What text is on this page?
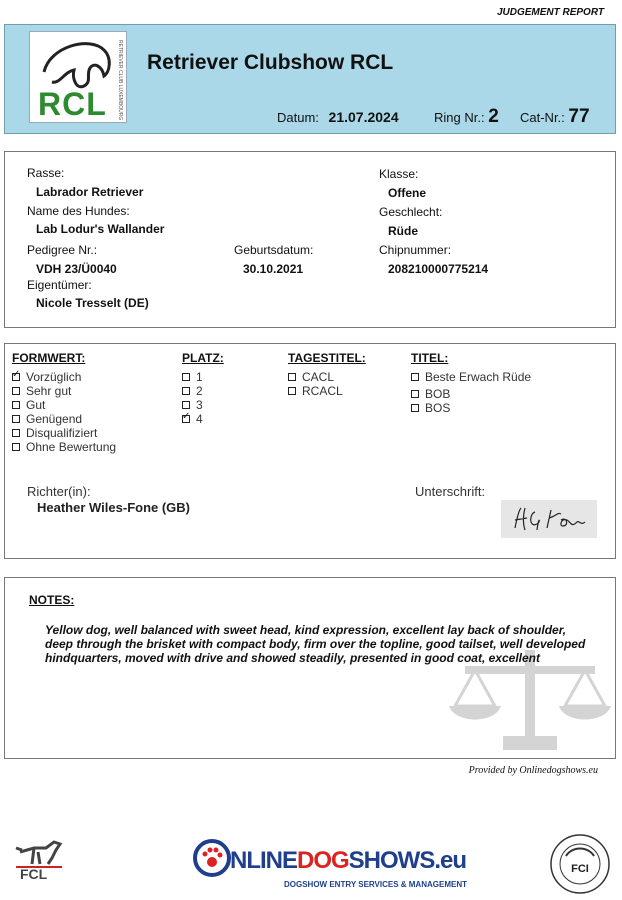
JUDGEMENT REPORT
RCL RETRIEVER CLUB LUXEMBOURG Retriever Clubshow RCL
Datum: 21.07.2024	Ring Nr.: 2 Cat-Nr.: 77
Rasse:
Labrador Retriever
Name des Hundes:
Lab Lodur's Wallander
Pedigree Nr.:
VDH 23/Ü0040
Geburtsdatum:
30.10.2021
Eigentümer:
Nicole Tresselt (DE)
Klasse:
Offene
Geschlecht:
Rüde
Chipnummer:
208210000775214
FORMWERT:	PLATZ:	TAGESTITEL:	TITEL:
✓Vorzüglich
Sehr gut
Gut
Genügend
Disqualifiziert
Ohne Bewertung
1
2
3
✓4
CACL
RCACL
Beste Erwach Rüde
BOB
BOS
Richter(in):
Heather Wiles-Fone (GB)
Unterschrift:
NOTES:
Yellow dog, well balanced with sweet head, kind expression, excellent lay back of shoulder, deep through the brisket with compact body, firm over the topline, good tailset, well developed hindquarters, moved with drive and showed steadily, presented in good coat, excellent
Provided by Onlinedogshows.eu
FCL	NLINEDOGSHOWS.eu
DOGSHOW ENTRY SERVICES & MANAGEMENT
FCI
